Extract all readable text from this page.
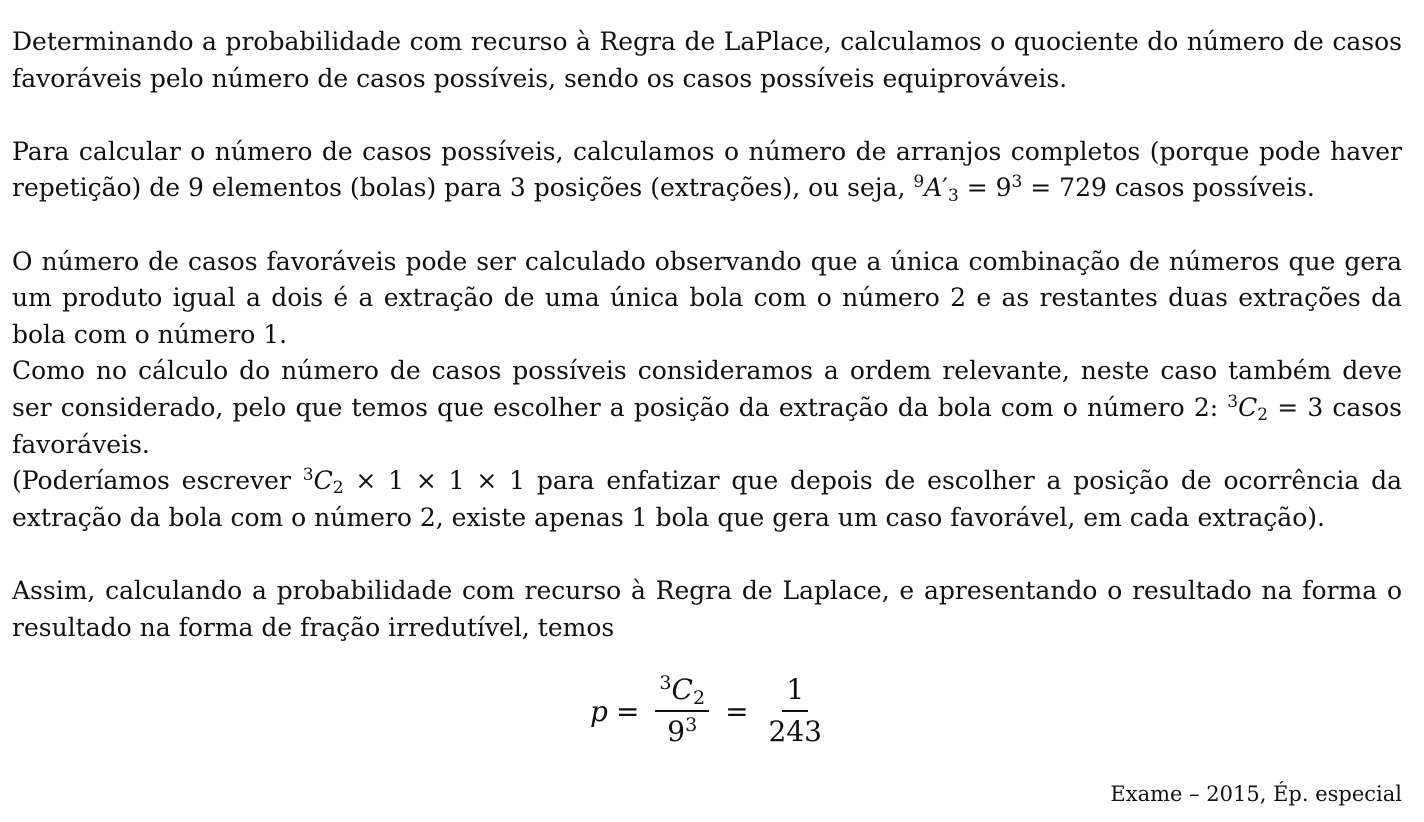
Determinando a probabilidade com recurso à Regra de LaPlace, calculamos o quociente do número de casos favoráveis pelo número de casos possíveis, sendo os casos possíveis equiprováveis.

Para calcular o número de casos possíveis, calculamos o número de arranjos completos (porque pode haver repetição) de 9 elementos (bolas) para 3 posições (extrações), ou seja, $^9A'_3 = 9^3 = 729$ casos possíveis.

O número de casos favoráveis pode ser calculado observando que a única combinação de números que gera um produto igual a dois é a extração de uma única bola com o número 2 e as restantes duas extrações da bola com o número 1.

Como no cálculo do número de casos possíveis consideramos a ordem relevante, neste caso também deve ser considerado, pelo que temos que escolher a posição da extração da bola com o número 2: $^3C_2 = 3$ casos favoráveis.

(Poderíamos escrever $^3C_2 \times 1 \times 1 \times 1$ para enfatizar que depois de escolher a posição de ocorrência da extração da bola com o número 2, existe apenas 1 bola que gera um caso favorável, em cada extração).

Assim, calculando a probabilidade com recurso à Regra de Laplace, e apresentando o resultado na forma o resultado na forma de fração irredutível, temos

$p = \frac{^3C_2}{9^3} = \frac{1}{243}$
Exame – 2015, Ép. especial
